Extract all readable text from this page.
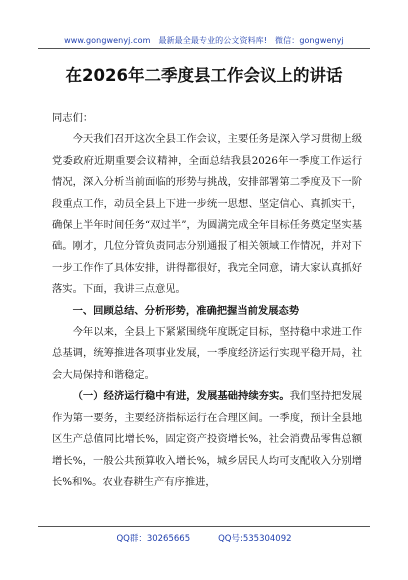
www.gongwenyj.com 最新最全最专业的公文资料库! 微信：gongwenyj
在2026年二季度县工作会议上的讲话

同志们：

今天我们召开这次全县工作会议，主要任务是深入学习贯彻上级党委政府近期重要会议精神，全面总结我县2026年一季度工作运行情况，深入分析当前面临的形势与挑战，安排部署第二季度及下一阶段重点工作，动员全县上下进一步统一思想、坚定信心、真抓实干，确保上半年时间任务“双过半”，为圆满完成全年目标任务奠定坚实基础。刚才，几位分管负责同志分别通报了相关领域工作情况，并对下一步工作作了具体安排，讲得都很好，我完全同意，请大家认真抓好落实。下面，我讲三点意见。

一、回顾总结、分析形势，准确把握当前发展态势

今年以来，全县上下紧紧围绕年度既定目标，坚持稳中求进工作总基调，统筹推进各项事业发展，一季度经济运行实现平稳开局，社会大局保持和谐稳定。

（一）经济运行稳中有进，发展基础持续夯实。我们坚持把发展作为第一要务，主要经济指标运行在合理区间。一季度，预计全县地区生产总值同比增长%，固定资产投资增长%，社会消费品零售总额增长%，一般公共预算收入增长%，城乡居民人均可支配收入分别增长%和%。农业春耕生产有序推进，

QQ群：30265665	QQ号:535304092
